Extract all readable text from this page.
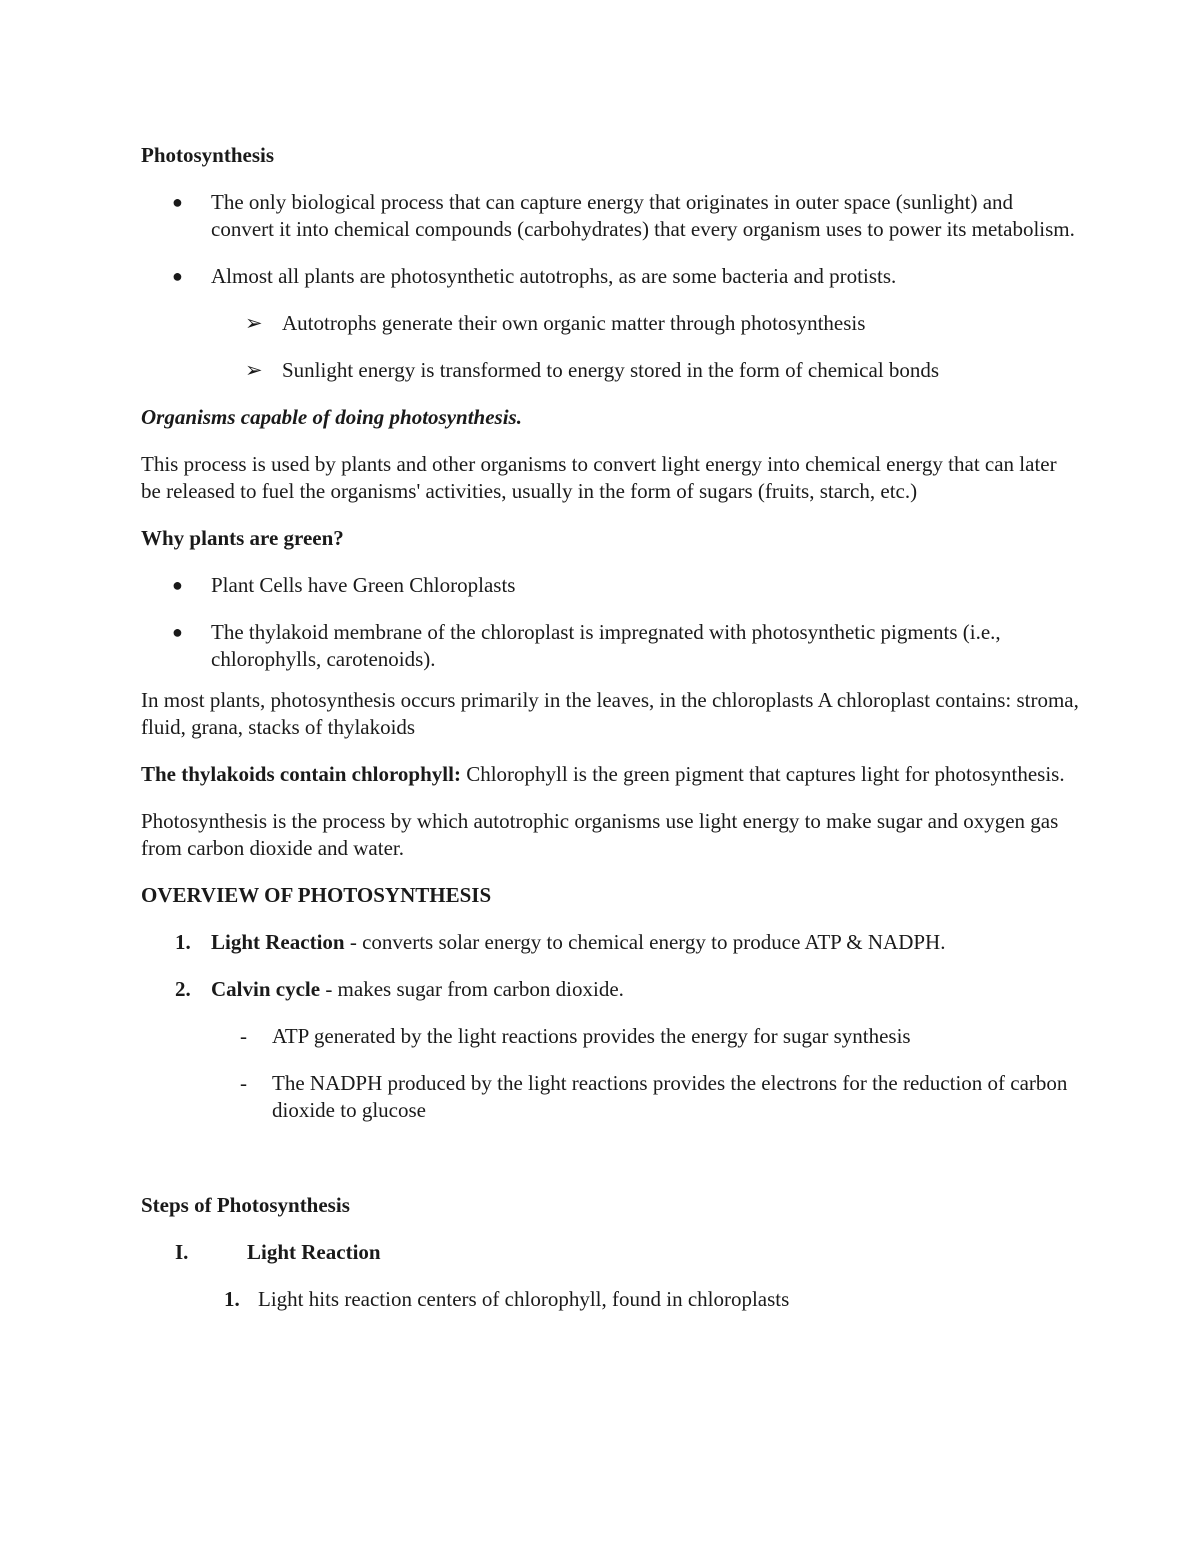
Photosynthesis

● The only biological process that can capture energy that originates in outer space (sunlight) and convert it into chemical compounds (carbohydrates) that every organism uses to power its metabolism.
● Almost all plants are photosynthetic autotrophs, as are some bacteria and protists.
➢ Autotrophs generate their own organic matter through photosynthesis
➢ Sunlight energy is transformed to energy stored in the form of chemical bonds

Organisms capable of doing photosynthesis.

This process is used by plants and other organisms to convert light energy into chemical energy that can later be released to fuel the organisms' activities, usually in the form of sugars (fruits, starch, etc.)

Why plants are green?

● Plant Cells have Green Chloroplasts
● The thylakoid membrane of the chloroplast is impregnated with photosynthetic pigments (i.e., chlorophylls, carotenoids).

In most plants, photosynthesis occurs primarily in the leaves, in the chloroplasts A chloroplast contains: stroma, fluid, grana, stacks of thylakoids

The thylakoids contain chlorophyll: Chlorophyll is the green pigment that captures light for photosynthesis.

Photosynthesis is the process by which autotrophic organisms use light energy to make sugar and oxygen gas from carbon dioxide and water.

OVERVIEW OF PHOTOSYNTHESIS

1. Light Reaction - converts solar energy to chemical energy to produce ATP & NADPH.
2. Calvin cycle - makes sugar from carbon dioxide.
- ATP generated by the light reactions provides the energy for sugar synthesis
- The NADPH produced by the light reactions provides the electrons for the reduction of carbon dioxide to glucose

Steps of Photosynthesis

I.	Light Reaction
1. Light hits reaction centers of chlorophyll, found in chloroplasts
